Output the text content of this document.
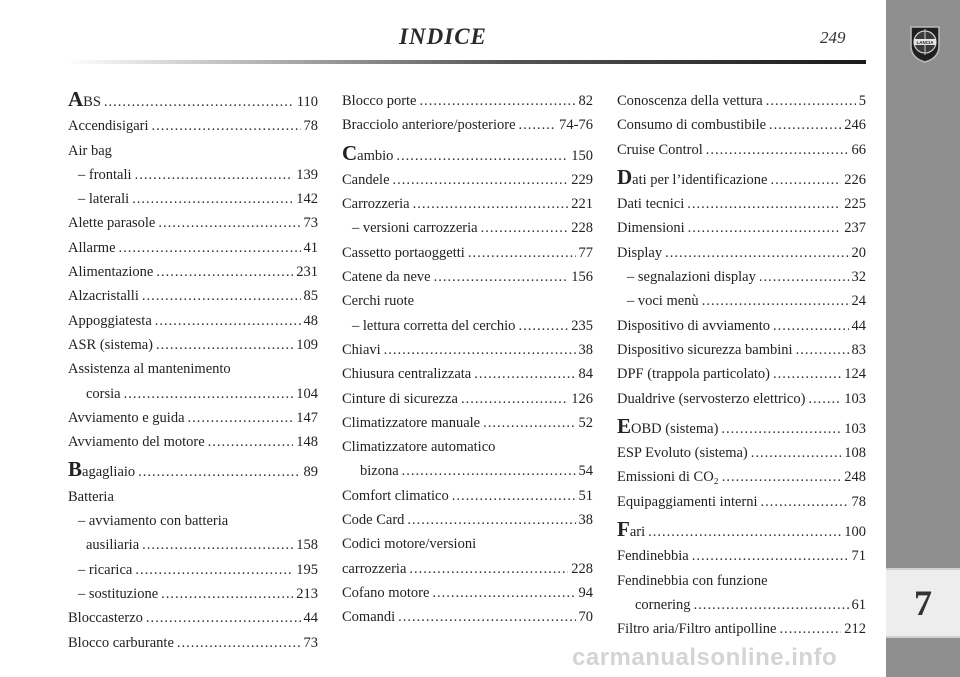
INDICE	249	LANCIA
7
ABS .....	110
Accendisigari .....	78
Air bag
– frontali .....	139
– laterali .....	142
Alette parasole .....	73
Allarme .....	41
Alimentazione .....	231
Alzacristalli .....	85
Appoggiatesta .....	48
ASR (sistema) .....	109
Assistenza al mantenimento
corsia .....	104
Avviamento e guida .....	147
Avviamento del motore .....	148
Bagagliaio .....	89
Batteria
– avviamento con batteria
ausiliaria .....	158
– ricarica .....	195
– sostituzione .....	213
Bloccasterzo .....	44
Blocco carburante .....	73
Blocco porte .....	82
Bracciolo anteriore/posteriore .....	74-76
Cambio .....	150
Candele .....	229
Carrozzeria .....	221
– versioni carrozzeria .....	228
Cassetto portaoggetti .....	77
Catene da neve .....	156
Cerchi ruote
– lettura corretta del cerchio .....	235
Chiavi .....	38
Chiusura centralizzata .....	84
Cinture di sicurezza .....	126
Climatizzatore manuale .....	52
Climatizzatore automatico
bizona .....	54
Comfort climatico .....	51
Code Card .....	38
Codici motore/versioni
carrozzeria .....	228
Cofano motore .....	94
Comandi .....	70
Conoscenza della vettura .....	5
Consumo di combustibile .....	246
Cruise Control .....	66
Dati per l’identificazione .....	226
Dati tecnici .....	225
Dimensioni .....	237
Display .....	20
– segnalazioni display .....	32
– voci menù .....	24
Dispositivo di avviamento .....	44
Dispositivo sicurezza bambini .....	83
DPF (trappola particolato) .....	124
Dualdrive (servosterzo elettrico) .....	103
EOBD (sistema) .....	103
ESP Evoluto (sistema) .....	108
Emissioni di CO₂ .....	248
Equipaggiamenti interni .....	78
Fari .....	100
Fendinebbia .....	71
Fendinebbia con funzione
cornering .....	61
Filtro aria/Filtro antipolline .....	212
carmanualsonline.info
